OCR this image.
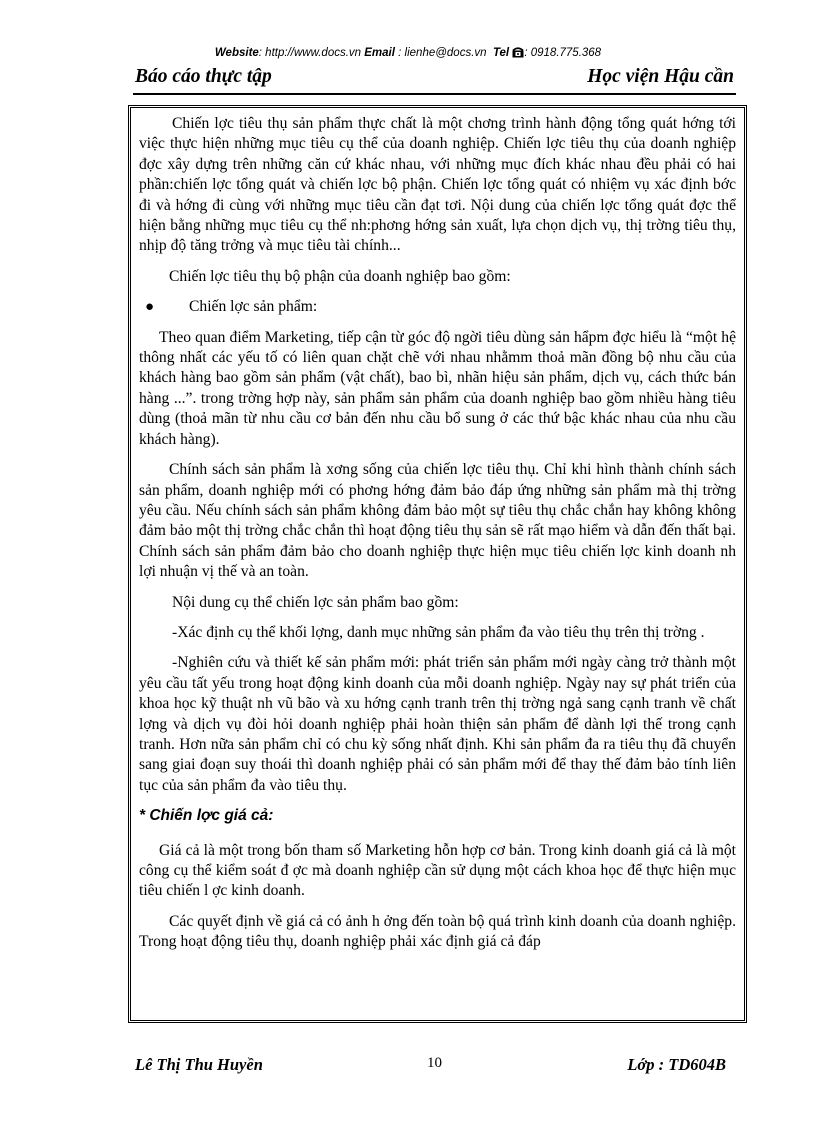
Website: http://www.docs.vn Email : lienhe@docs.vn Tel : 0918.775.368
Báo cáo thực tập	Học viện Hậu cần

Chiến lợc tiêu thụ sản phẩm thực chất là một chơng trình hành động tổng quát hớng tới việc thực hiện những mục tiêu cụ thể của doanh nghiệp. Chiến lợc tiêu thụ của doanh nghiệp đợc xây dựng trên những căn cứ khác nhau, với những mục đích khác nhau đều phải có hai phần:chiến lợc tổng quát và chiến lợc bộ phận. Chiến lợc tổng quát có nhiệm vụ xác định bớc đi và hớng đi cùng với những mục tiêu cần đạt tơi. Nội dung của chiến lợc tổng quát đợc thể hiện bằng những mục tiêu cụ thể nh:phơng hớng sản xuất, lựa chọn dịch vụ, thị trờng tiêu thụ, nhịp độ tăng trởng và mục tiêu tài chính...

Chiến lợc tiêu thụ bộ phận của doanh nghiệp bao gồm:

● Chiến lợc sản phẩm:

Theo quan điểm Marketing, tiếp cận từ góc độ ngời tiêu dùng sản hẩpm đợc hiểu là “một hệ thông nhất các yếu tố có liên quan chặt chẽ với nhau nhằmm thoả mãn đồng bộ nhu cầu của khách hàng bao gồm sản phẩm (vật chất), bao bì, nhãn hiệu sản phẩm, dịch vụ, cách thức bán hàng ...”. trong trờng hợp này, sản phẩm sản phẩm của doanh nghiệp bao gồm nhiều hàng tiêu dùng (thoả mãn từ nhu cầu cơ bản đến nhu cầu bổ sung ở các thứ bậc khác nhau của nhu cầu khách hàng).

Chính sách sản phẩm là xơng sống của chiến lợc tiêu thụ. Chỉ khi hình thành chính sách sản phẩm, doanh nghiệp mới có phơng hớng đảm bảo đáp ứng những sản phẩm mà thị trờng yêu cầu. Nếu chính sách sản phẩm không đảm bảo một sự tiêu thụ chắc chắn hay không không đảm bảo một thị trờng chắc chắn thì hoạt động tiêu thụ sản sẽ rất mạo hiểm và dẫn đến thất bại. Chính sách sản phẩm đảm bảo cho doanh nghiệp thực hiện mục tiêu chiến lợc kinh doanh nh lợi nhuận vị thế và an toàn.

Nội dung cụ thể chiến lợc sản phẩm bao gồm:

-Xác định cụ thể khối lợng, danh mục những sản phẩm đa vào tiêu thụ trên thị trờng .

-Nghiên cứu và thiết kế sản phẩm mới: phát triển sản phẩm mới ngày càng trở thành một yêu cầu tất yếu trong hoạt động kinh doanh của mỗi doanh nghiệp. Ngày nay sự phát triển của khoa học kỹ thuật nh vũ bão và xu hớng cạnh tranh trên thị trờng ngả sang cạnh tranh về chất lợng và dịch vụ đòi hỏi doanh nghiệp phải hoàn thiện sản phẩm để dành lợi thế trong cạnh tranh. Hơn nữa sản phẩm chỉ có chu kỳ sống nhất định. Khi sản phẩm đa ra tiêu thụ đã chuyển sang giai đoạn suy thoái thì doanh nghiệp phải có sản phẩm mới để thay thế đảm bảo tính liên tục của sản phẩm đa vào tiêu thụ.

* Chiến lợc giá cả:

Giá cả là một trong bốn tham số Marketing hỗn hợp cơ bản. Trong kinh doanh giá cả là một công cụ thể kiểm soát đ ợc mà doanh nghiệp cần sử dụng một cách khoa học để thực hiện mục tiêu chiến l ợc kinh doanh.

Các quyết định về giá cả có ảnh h ởng đến toàn bộ quá trình kinh doanh của doanh nghiệp. Trong hoạt động tiêu thụ, doanh nghiệp phải xác định giá cả đáp

Lê Thị Thu Huyền	10	Lớp : TD604B
